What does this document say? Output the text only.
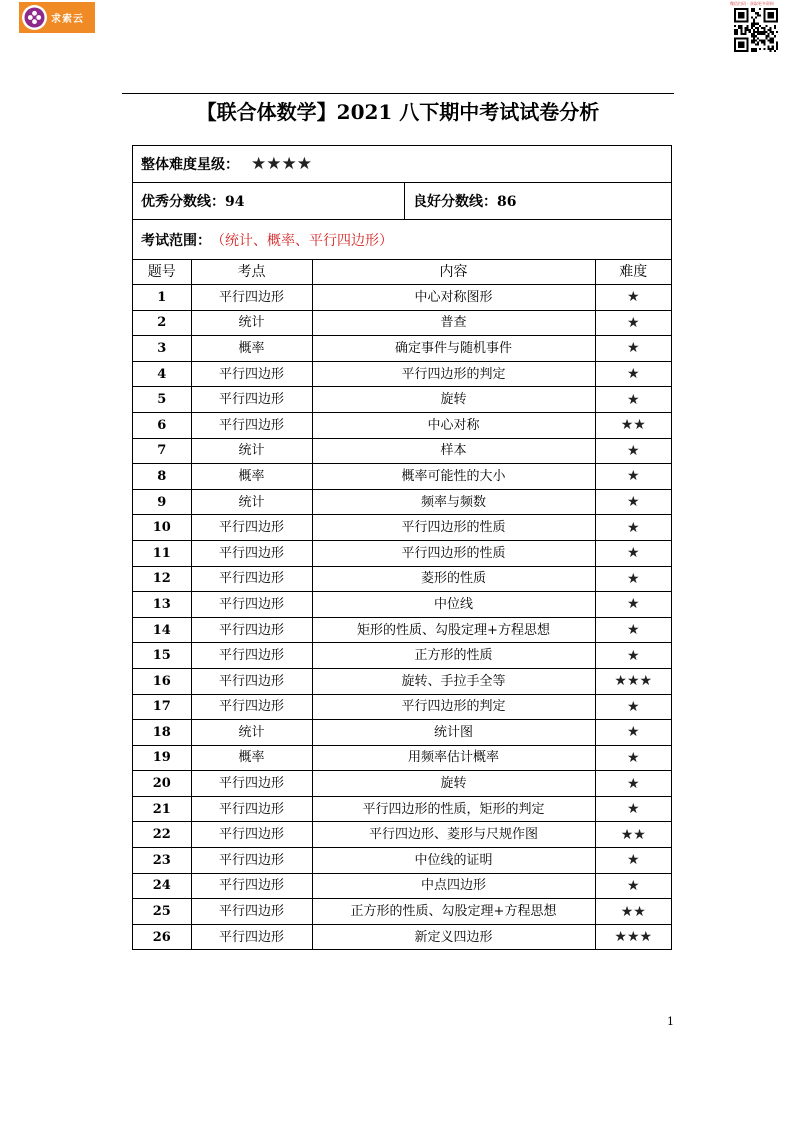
求索云
微信扫码 · 获取更多资料
【联合体数学】2021 八下期中考试试卷分析
整体难度星级： ★★★★
优秀分数线：94	良好分数线：86
考试范围： （统计、概率、平行四边形）
题号	考点	内容	难度
1	平行四边形	中心对称图形	★
2	统计	普查	★
3	概率	确定事件与随机事件	★
4	平行四边形	平行四边形的判定	★
5	平行四边形	旋转	★
6	平行四边形	中心对称	★★
7	统计	样本	★
8	概率	概率可能性的大小	★
9	统计	频率与频数	★
10	平行四边形	平行四边形的性质	★
11	平行四边形	平行四边形的性质	★
12	平行四边形	菱形的性质	★
13	平行四边形	中位线	★
14	平行四边形	矩形的性质、勾股定理+方程思想	★
15	平行四边形	正方形的性质	★
16	平行四边形	旋转、手拉手全等	★★★
17	平行四边形	平行四边形的判定	★
18	统计	统计图	★
19	概率	用频率估计概率	★
20	平行四边形	旋转	★
21	平行四边形	平行四边形的性质，矩形的判定	★
22	平行四边形	平行四边形、菱形与尺规作图	★★
23	平行四边形	中位线的证明	★
24	平行四边形	中点四边形	★
25	平行四边形	正方形的性质、勾股定理+方程思想	★★
26	平行四边形	新定义四边形	★★★
1
